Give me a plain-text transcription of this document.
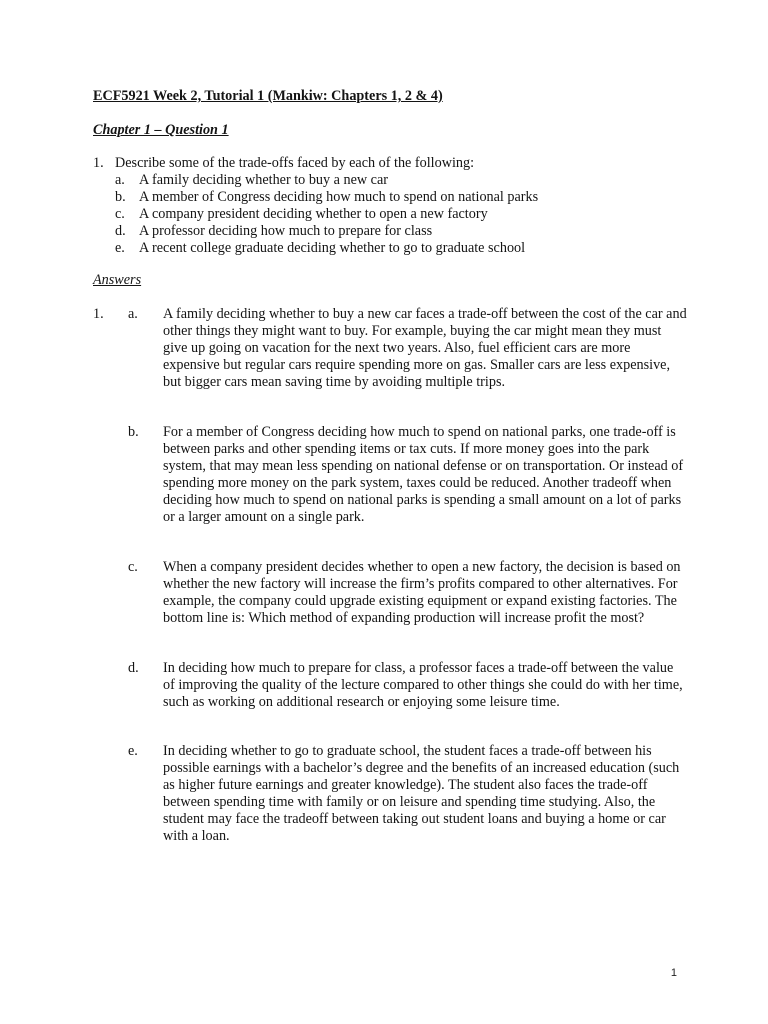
ECF5921 Week 2, Tutorial 1 (Mankiw: Chapters 1, 2 & 4)
Chapter 1 – Question 1
1. Describe some of the trade-offs faced by each of the following:
a. A family deciding whether to buy a new car
b. A member of Congress deciding how much to spend on national parks
c. A company president deciding whether to open a new factory
d. A professor deciding how much to prepare for class
e. A recent college graduate deciding whether to go to graduate school
Answers
1. a.	A family deciding whether to buy a new car faces a trade-off between the cost of the car and other things they might want to buy. For example, buying the car might mean they must give up going on vacation for the next two years. Also, fuel efficient cars are more expensive but regular cars require spending more on gas. Smaller cars are less expensive, but bigger cars mean saving time by avoiding multiple trips.
b.	For a member of Congress deciding how much to spend on national parks, one trade-off is between parks and other spending items or tax cuts. If more money goes into the park system, that may mean less spending on national defense or on transportation. Or instead of spending more money on the park system, taxes could be reduced. Another tradeoff when deciding how much to spend on national parks is spending a small amount on a lot of parks or a larger amount on a single park.
c.	When a company president decides whether to open a new factory, the decision is based on whether the new factory will increase the firm’s profits compared to other alternatives. For example, the company could upgrade existing equipment or expand existing factories. The bottom line is: Which method of expanding production will increase profit the most?
d.	In deciding how much to prepare for class, a professor faces a trade-off between the value of improving the quality of the lecture compared to other things she could do with her time, such as working on additional research or enjoying some leisure time.
e.	In deciding whether to go to graduate school, the student faces a trade-off between his possible earnings with a bachelor’s degree and the benefits of an increased education (such as higher future earnings and greater knowledge). The student also faces the trade-off between spending time with family or on leisure and spending time studying. Also, the student may face the tradeoff between taking out student loans and buying a home or car with a loan.
1
